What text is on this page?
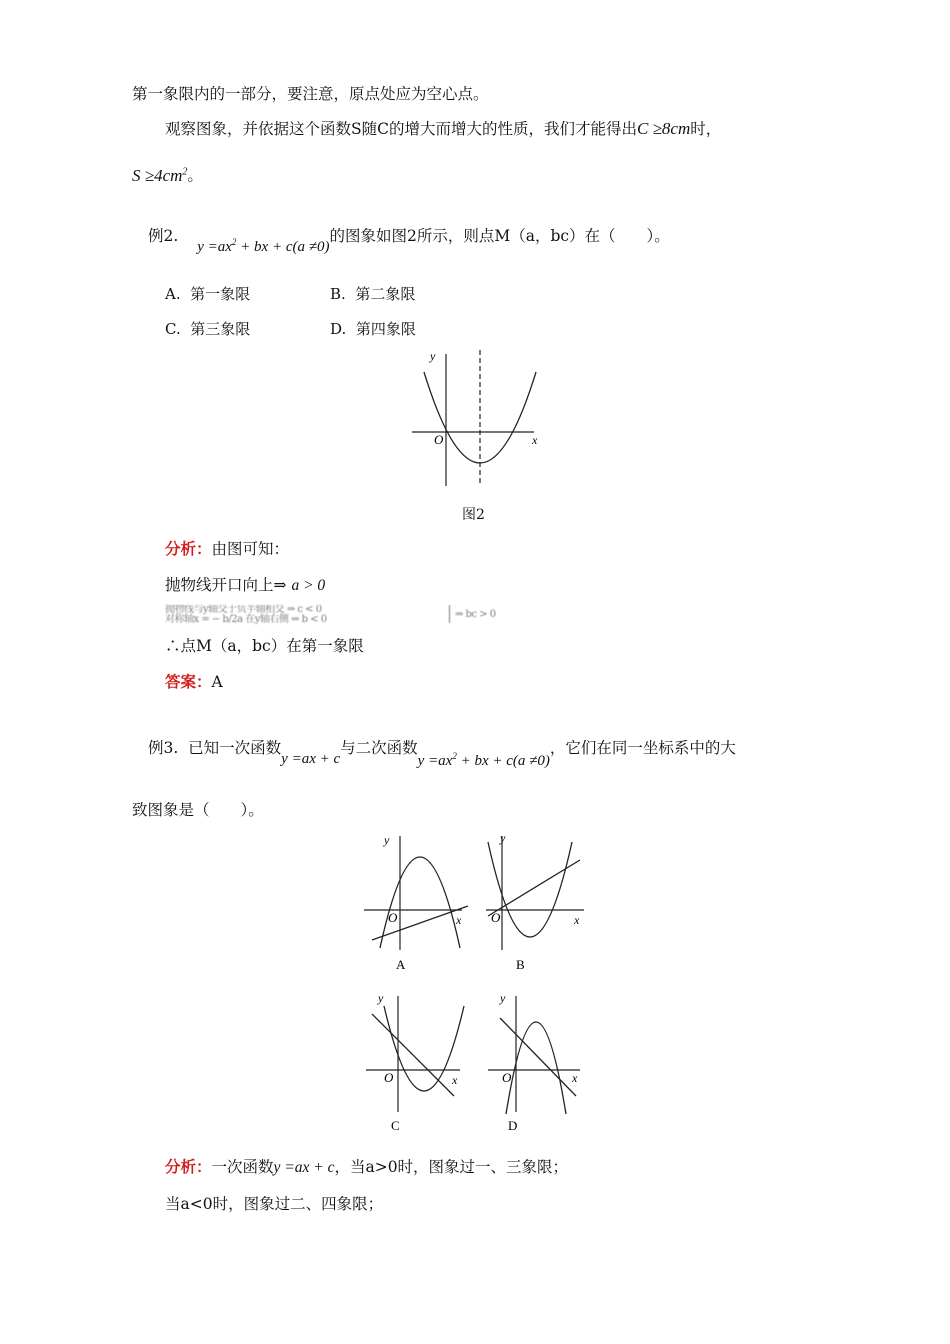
第一象限内的一部分，要注意，原点处应为空心点。
观察图象，并依据这个函数S随C的增大而增大的性质，我们才能得出C ≥8cm时，
$S \ge 4cm^2$。
例2. $y =ax^2$ + bx + c(a ≠0)的图象如图2所示，则点M（a，bc）在（　　）。
A. 第一象限	B. 第二象限
C. 第三象限	D. 第四象限
y
x
O
图2
分析：由图可知：
抛物线开口向上⇒ a > 0
抛物线与y轴交于负半轴相交 ⇒ c < 0
对称轴x = − b/2a 在y轴右侧 ⇒ b < 0	⇒ bc > 0
∴点M（a，bc）在第一象限
答案：A
例3. 已知一次函数y =ax + c与二次函数$y =ax^2$ + bx + c(a ≠0)，它们在同一坐标系中的大
致图象是（　　）。
y
x
O
A
y
x
O
B
y
x
O
C
y
x
O
D
分析：一次函数y =ax + c，当a>0时，图象过一、三象限；
当a<0时，图象过二、四象限；
